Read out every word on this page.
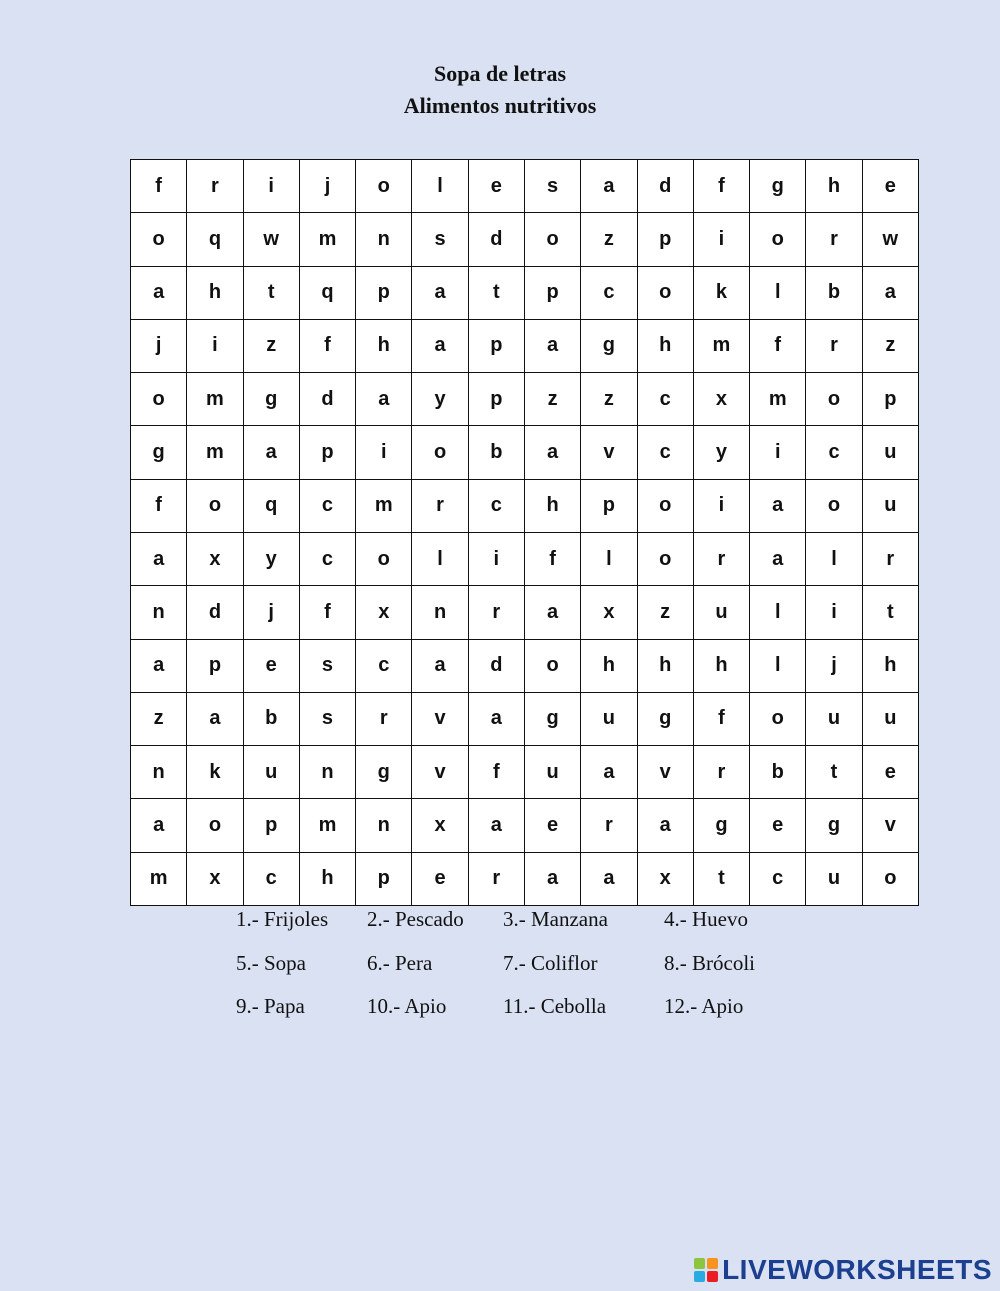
Sopa de letras
Alimentos nutritivos
f	r	i	j	o	l	e	s	a	d	f	g	h	e
o	q	w	m	n	s	d	o	z	p	i	o	r	w
a	h	t	q	p	a	t	p	c	o	k	l	b	a
j	i	z	f	h	a	p	a	g	h	m	f	r	z
o	m	g	d	a	y	p	z	z	c	x	m	o	p
g	m	a	p	i	o	b	a	v	c	y	i	c	u
f	o	q	c	m	r	c	h	p	o	i	a	o	u
a	x	y	c	o	l	i	f	l	o	r	a	l	r
n	d	j	f	x	n	r	a	x	z	u	l	i	t
a	p	e	s	c	a	d	o	h	h	h	l	j	h
z	a	b	s	r	v	a	g	u	g	f	o	u	u
n	k	u	n	g	v	f	u	a	v	r	b	t	e
a	o	p	m	n	x	a	e	r	a	g	e	g	v
m	x	c	h	p	e	r	a	a	x	t	c	u	o
1.- Frijoles 2.- Pescado 3.- Manzana	4.- Huevo
5.- Sopa	6.- Pera	7.- Coliflor	8.- Brócoli
9.- Papa	10.- Apio	11.- Cebolla	12.- Apio
LIVEWORKSHEETS
